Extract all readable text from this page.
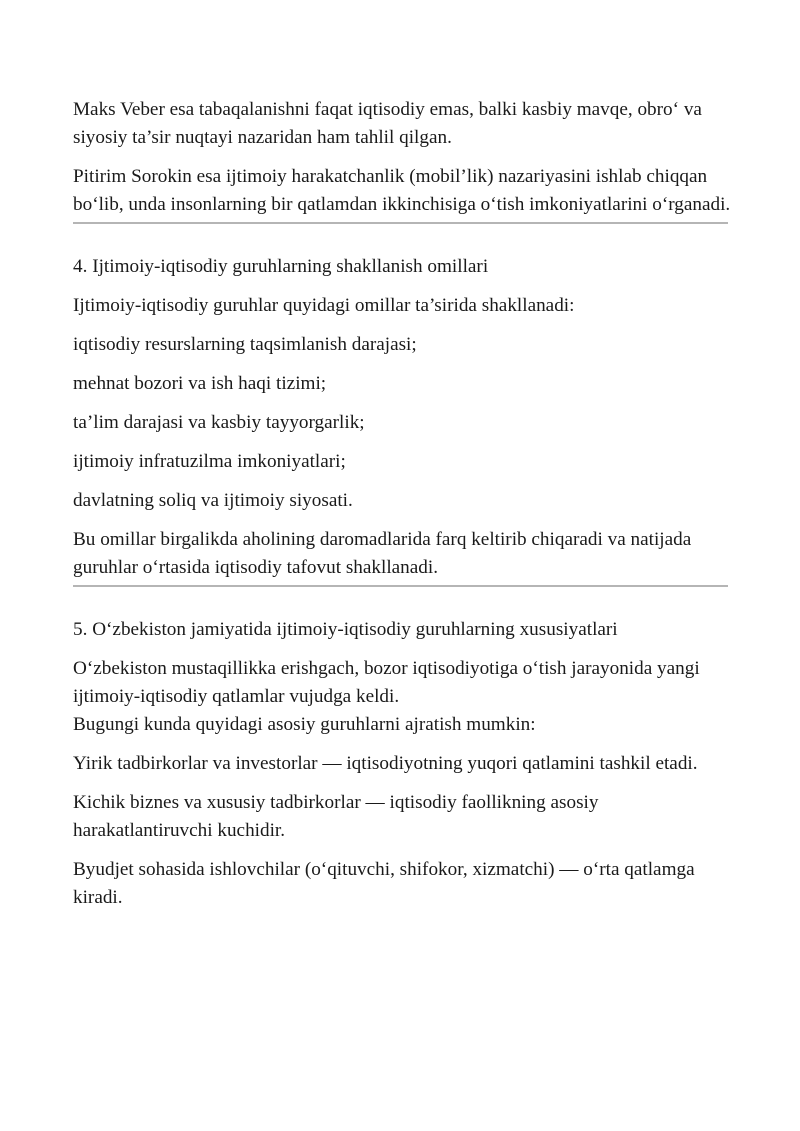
Maks Veber esa tabaqalanishni faqat iqtisodiy emas, balki kasbiy mavqe, obro‘ va siyosiy ta’sir nuqtayi nazaridan ham tahlil qilgan.

Pitirim Sorokin esa ijtimoiy harakatchanlik (mobil’lik) nazariyasini ishlab chiqqan bo‘lib, unda insonlarning bir qatlamdan ikkinchisiga o‘tish imkoniyatlarini o‘rganadi.

4. Ijtimoiy-iqtisodiy guruhlarning shakllanish omillari

Ijtimoiy-iqtisodiy guruhlar quyidagi omillar ta’sirida shakllanadi:

iqtisodiy resurslarning taqsimlanish darajasi;

mehnat bozori va ish haqi tizimi;

ta’lim darajasi va kasbiy tayyorgarlik;

ijtimoiy infratuzilma imkoniyatlari;

davlatning soliq va ijtimoiy siyosati.

Bu omillar birgalikda aholining daromadlarida farq keltirib chiqaradi va natijada guruhlar o‘rtasida iqtisodiy tafovut shakllanadi.

5. O‘zbekiston jamiyatida ijtimoiy-iqtisodiy guruhlarning xususiyatlari

O‘zbekiston mustaqillikka erishgach, bozor iqtisodiyotiga o‘tish jarayonida yangi ijtimoiy-iqtisodiy qatlamlar vujudga keldi.

Bugungi kunda quyidagi asosiy guruhlarni ajratish mumkin:

Yirik tadbirkorlar va investorlar — iqtisodiyotning yuqori qatlamini tashkil etadi.

Kichik biznes va xususiy tadbirkorlar — iqtisodiy faollikning asosiy harakatlantiruvchi kuchidir.

Byudjet sohasida ishlovchilar (o‘qituvchi, shifokor, xizmatchi) — o‘rta qatlamga kiradi.
